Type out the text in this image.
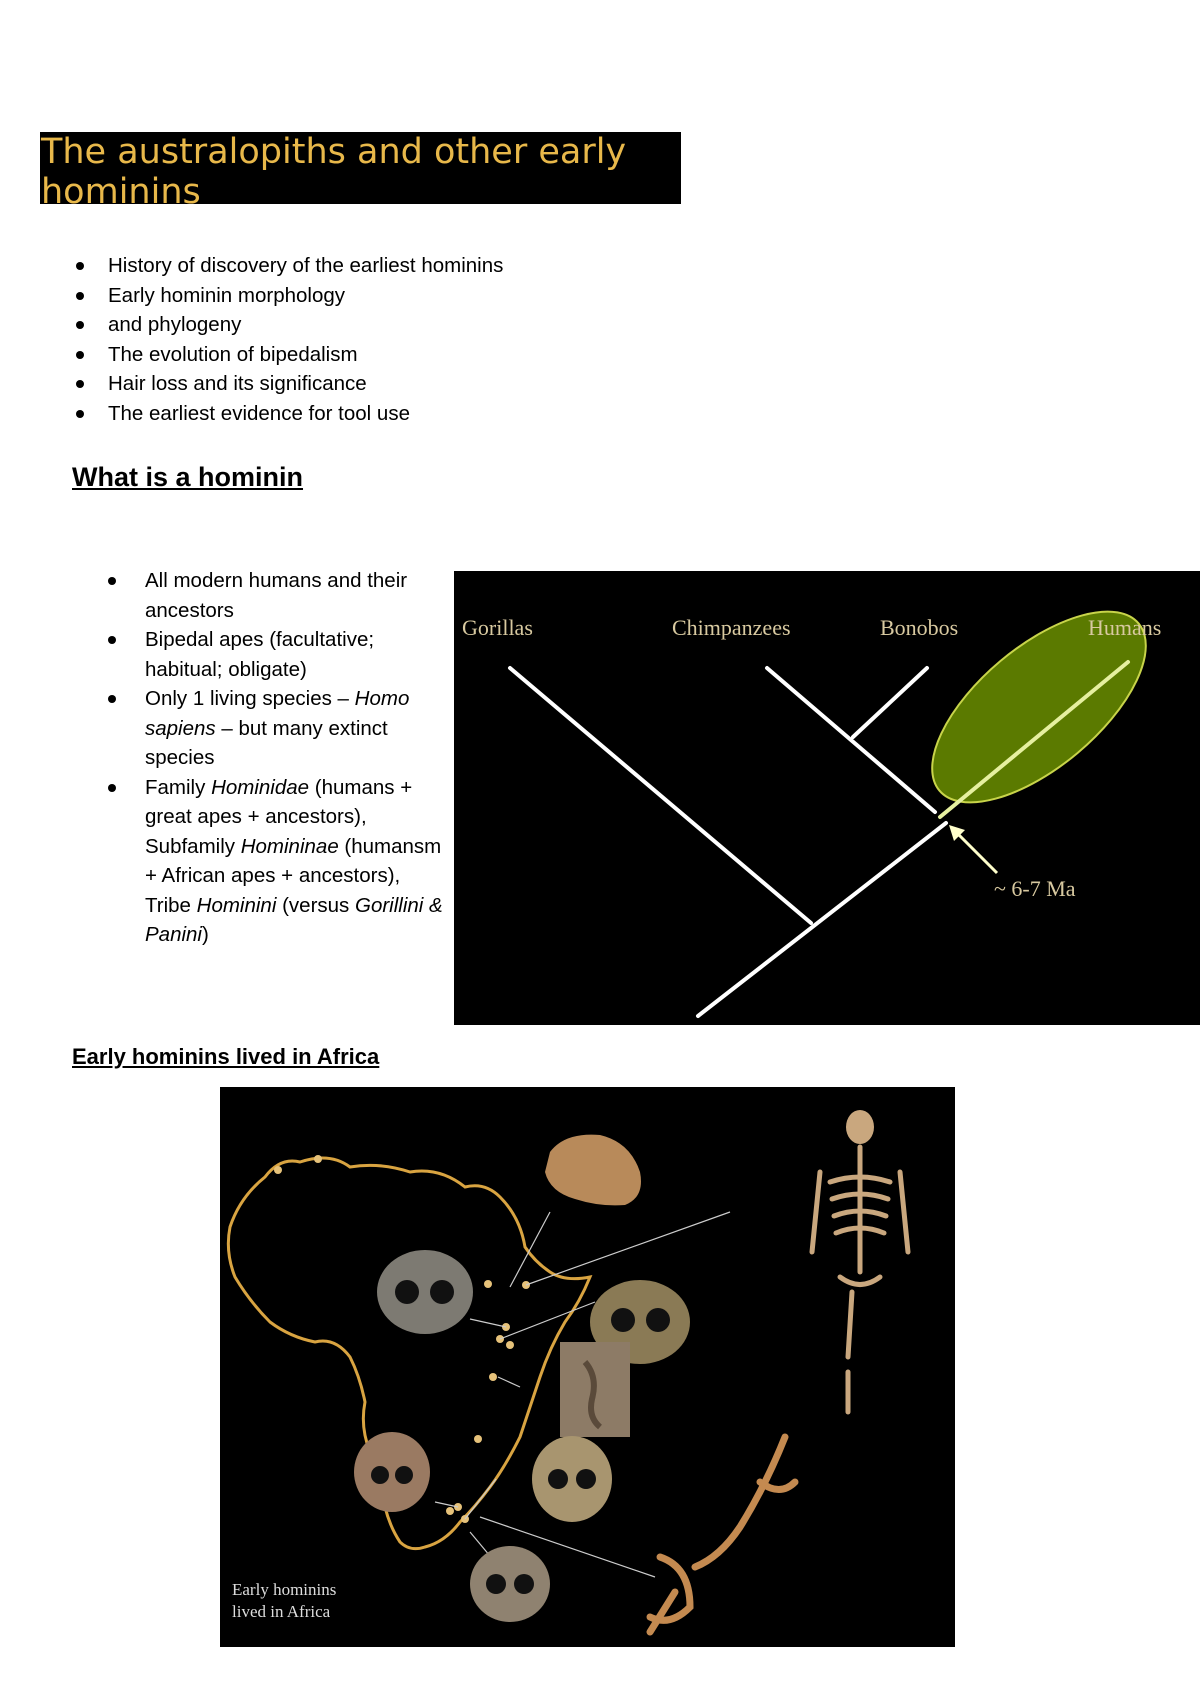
The australopiths and other early
hominins
History of discovery of the earliest hominins
Early hominin morphology
and phylogeny
The evolution of bipedalism
Hair loss and its significance
The earliest evidence for tool use
What is a hominin
All modern humans and their ancestors
Bipedal apes (facultative; habitual; obligate)
Only 1 living species – Homo sapiens – but many extinct species
Family Hominidae (humans + great apes + ancestors), Subfamily Homininae (humansm + African apes + ancestors), Tribe Hominini (versus Gorillini & Panini)
Gorillas	Chimpanzees	Bonobos	Humans
~ 6-7 Ma
Early hominins lived in Africa
Early hominins
lived in Africa
